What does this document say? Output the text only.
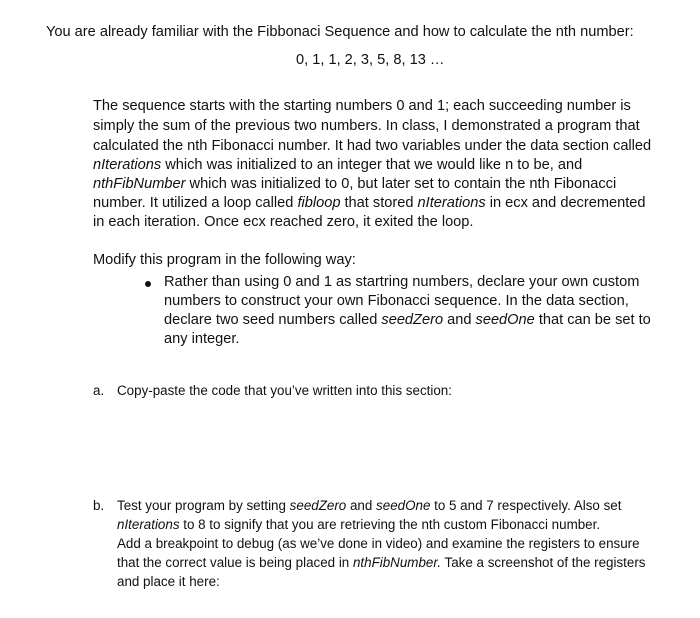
You are already familiar with the Fibbonaci Sequence and how to calculate the nth number:
0, 1, 1, 2, 3, 5, 8, 13 …
The sequence starts with the starting numbers 0 and 1; each succeeding number is
simply the sum of the previous two numbers. In class, I demonstrated a program that
calculated the nth Fibonacci number. It had two variables under the data section called
nIterations which was initialized to an integer that we would like n to be, and
nthFibNumber which was initialized to 0, but later set to contain the nth Fibonacci
number. It utilized a loop called fibloop that stored nIterations in ecx and decremented
in each iteration. Once ecx reached zero, it exited the loop.
Modify this program in the following way:
Rather than using 0 and 1 as startring numbers, declare your own custom
numbers to construct your own Fibonacci sequence. In the data section,
declare two seed numbers called seedZero and seedOne that can be set to
any integer.
a. Copy-paste the code that you’ve written into this section:
b. Test your program by setting seedZero and seedOne to 5 and 7 respectively. Also set
nIterations to 8 to signify that you are retrieving the nth custom Fibonacci number.
Add a breakpoint to debug (as we’ve done in video) and examine the registers to ensure
that the correct value is being placed in nthFibNumber. Take a screenshot of the registers
and place it here:
